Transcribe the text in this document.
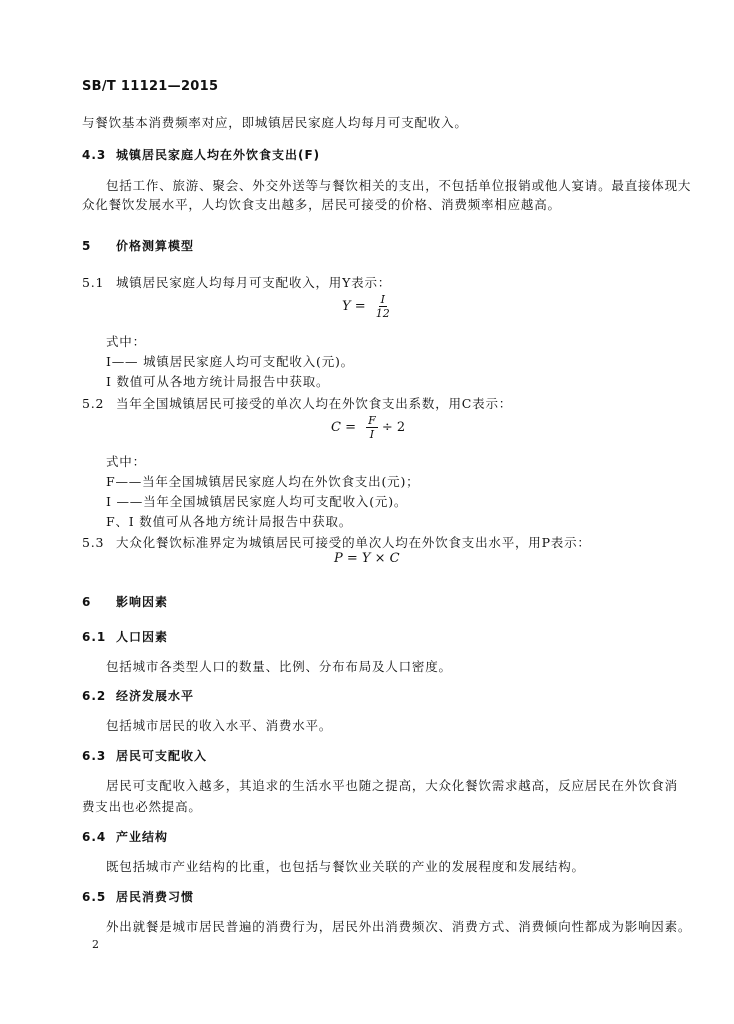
SB/T 11121—2015
与餐饮基本消费频率对应，即城镇居民家庭人均每月可支配收入。
4.3 城镇居民家庭人均在外饮食支出(F)
包括工作、旅游、聚会、外交外送等与餐饮相关的支出，不包括单位报销或他人宴请。最直接体现大
众化餐饮发展水平，人均饮食支出越多，居民可接受的价格、消费频率相应越高。
5 价格测算模型
5.1 城镇居民家庭人均每月可支配收入，用Y表示：
$Y = \frac{I}{12}$
式中：
I—— 城镇居民家庭人均可支配收入(元)。
I 数值可从各地方统计局报告中获取。
5.2 当年全国城镇居民可接受的单次人均在外饮食支出系数，用C表示：
$C = \frac{F}{I} \div 2$
式中：
F——当年全国城镇居民家庭人均在外饮食支出(元)；
I ——当年全国城镇居民家庭人均可支配收入(元)。
F、I 数值可从各地方统计局报告中获取。
5.3 大众化餐饮标准界定为城镇居民可接受的单次人均在外饮食支出水平，用P表示：
P = Y × C
6 影响因素
6.1 人口因素
包括城市各类型人口的数量、比例、分布布局及人口密度。
6.2 经济发展水平
包括城市居民的收入水平、消费水平。
6.3 居民可支配收入
居民可支配收入越多，其追求的生活水平也随之提高，大众化餐饮需求越高，反应居民在外饮食消
费支出也必然提高。
6.4 产业结构
既包括城市产业结构的比重，也包括与餐饮业关联的产业的发展程度和发展结构。
6.5 居民消费习惯
外出就餐是城市居民普遍的消费行为，居民外出消费频次、消费方式、消费倾向性都成为影响因素。
2
